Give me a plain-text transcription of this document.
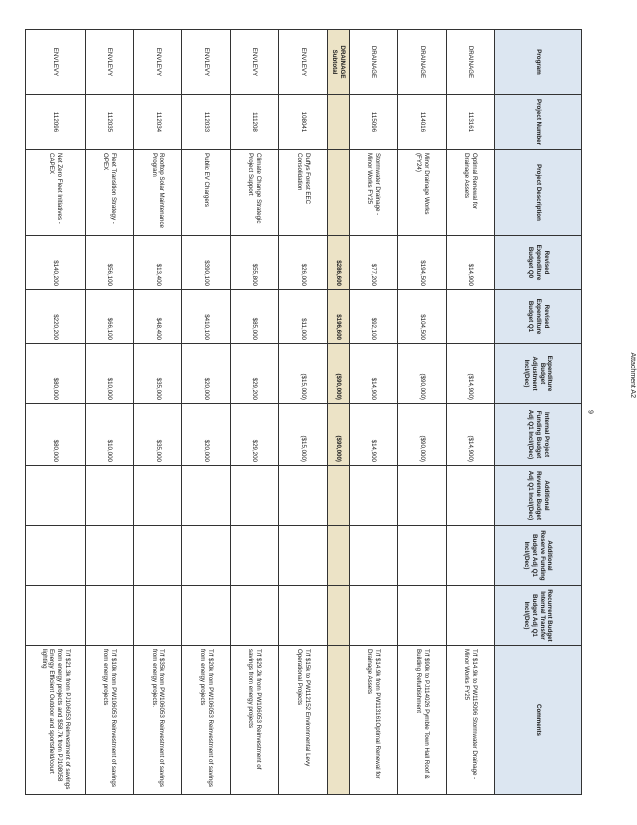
Attachment A2
Program	Project Number	Project Description	Revised Expenditure Budget Q0	Revised Expenditure Budget Q1	Expenditure Budget Adjustment Incl/(Dec)	Internal Project Funding Budget Adj Q1 Incl/(Dec)	Additional Revenue Budget Adj Q1 Incl/(Dec)	Additional Reserve Funding Budget Adj Q1 Incl/(Dec)	Recurrent Budget Internal Transfer Budget Adj Q1 Incl/(Dec)	Comments
DRAINAGE	113161	Optimal Renewal for Drainage Assets	$14,900		($14,900)	($14,900)				T/f $14.9k to PW115096 Stormwater Drainage - Minor Works FY25
DRAINAGE	114016	Minor Drainage Works (FY24)	$194,500	$104,500	($90,000)	($90,000)				T/f $90k to PJ114026 Pymble Town Hall Roof & Building Refurbishment
DRAINAGE	115096	Stormwater Drainage - Minor Works FY25	$77,200	$92,100	$14,900	$14,900				T/f $14.9k from PW113161Optimal Renewal for Drainage Assets
DRAINAGE Subtotal			$286,600	$196,600	($90,000)	($90,000)				
ENVLEVY	108041	Duffys Forest EEC Consolidation	$26,000	$11,000	($15,000)	($15,000)				T/f $15k to PW112152 Environmental Levy Operational Projects
ENVLEVY	111208	Climate Change Strategic Project Support	$55,800	$85,000	$29,200	$29,200				T/f $29.2k from PW106053 Reinvestment of savings from energy projects
ENVLEVY	112033	Public EV Chargers	$390,100	$410,100	$20,000	$20,000				T/f $20k from PW106053 Reinvestment of savings from energy projects
ENVLEVY	112034	Rooftop Solar Maintenance Program	$13,400	$48,400	$35,000	$35,000				T/f $35k from PW106053 Reinvestment of savings from energy projects.
ENVLEVY	112035	Fleet Transition Strategy - OPEX	$56,100	$66,100	$10,000	$10,000				T/f $10k from PW106053 Reinvestment of savings from energy projects
ENVLEVY	112096	Net Zero Fleet Initiatives - CAPEX	$140,200	$220,200	$80,000	$80,000				T/f $21.3k from PJ106053 Reinvestment of savings from energy projects and $58.7k from PJ108058 Energy Efficient Outdoor and sportsfield/court lighting
9
